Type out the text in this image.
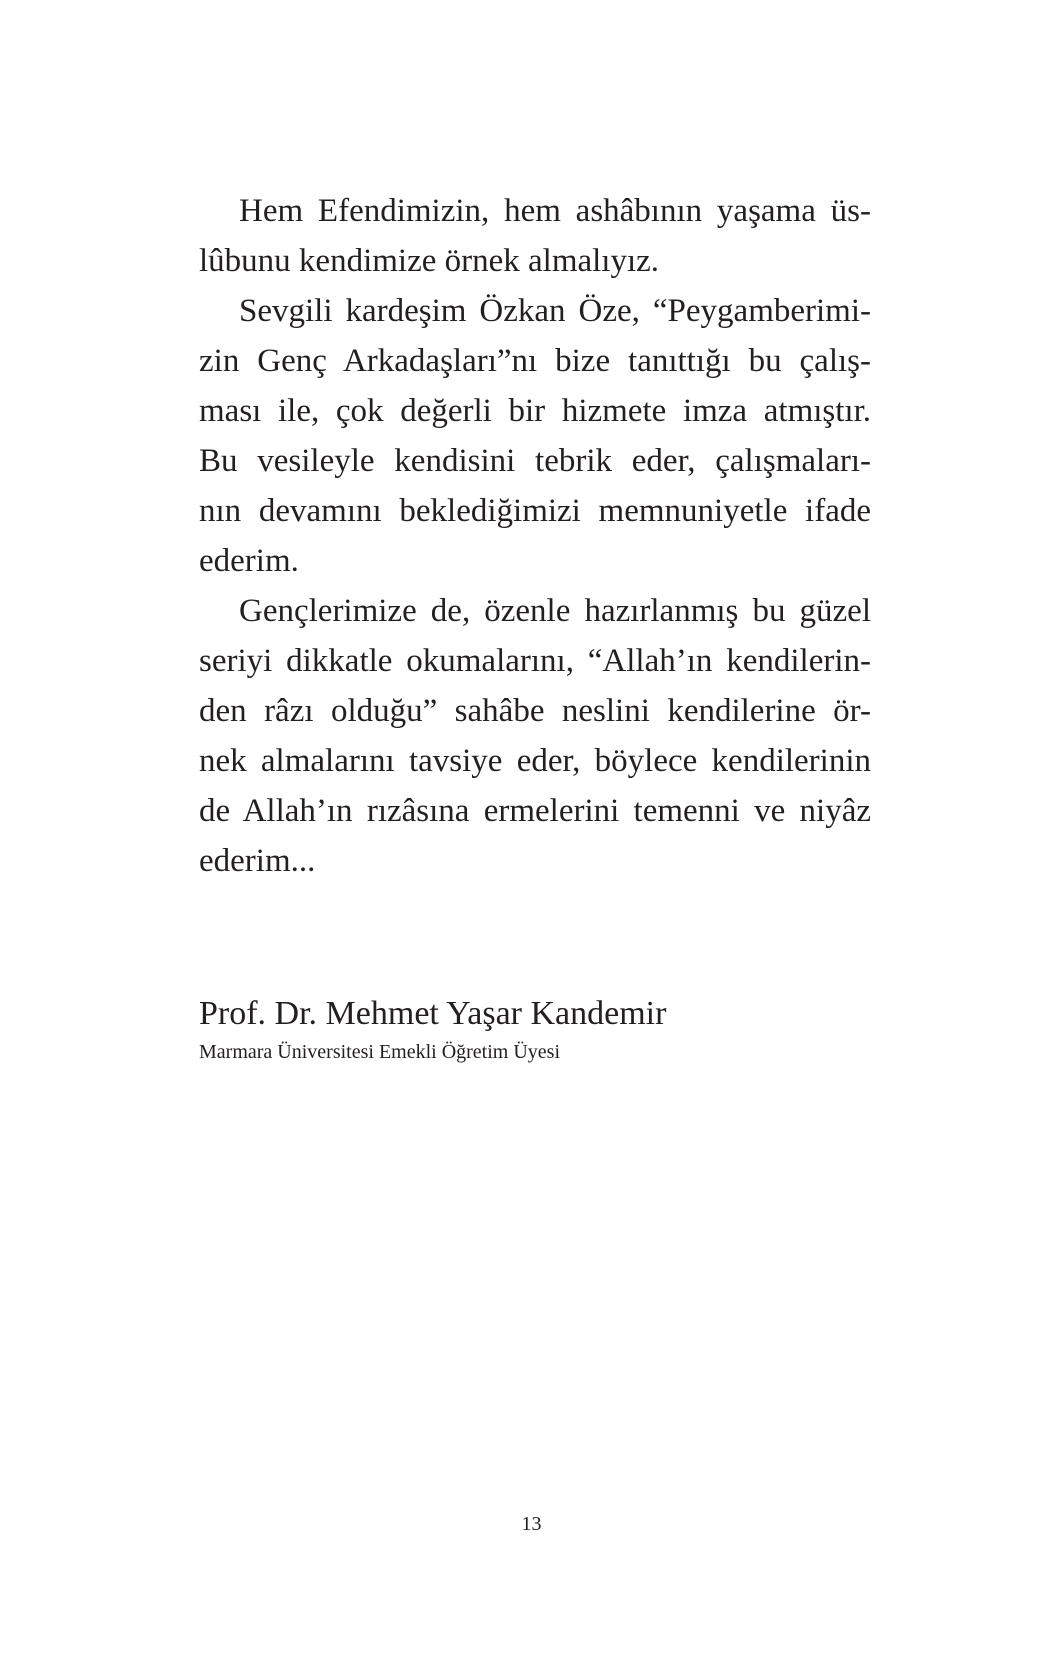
Hem Efendimizin, hem ashâbının yaşama üs-
lûbunu kendimize örnek almalıyız.
Sevgili kardeşim Özkan Öze, “Peygamberimi-
zin Genç Arkadaşları”nı bize tanıttığı bu çalış-
ması ile, çok değerli bir hizmete imza atmıştır.
Bu vesileyle kendisini tebrik eder, çalışmaları-
nın devamını beklediğimizi memnuniyetle ifade
ederim.
Gençlerimize de, özenle hazırlanmış bu güzel
seriyi dikkatle okumalarını, “Allah’ın kendilerin-
den râzı olduğu” sahâbe neslini kendilerine ör-
nek almalarını tavsiye eder, böylece kendilerinin
de Allah’ın rızâsına ermelerini temenni ve niyâz
ederim...
Prof. Dr. Mehmet Yaşar Kandemir
Marmara Üniversitesi Emekli Öğretim Üyesi
13
